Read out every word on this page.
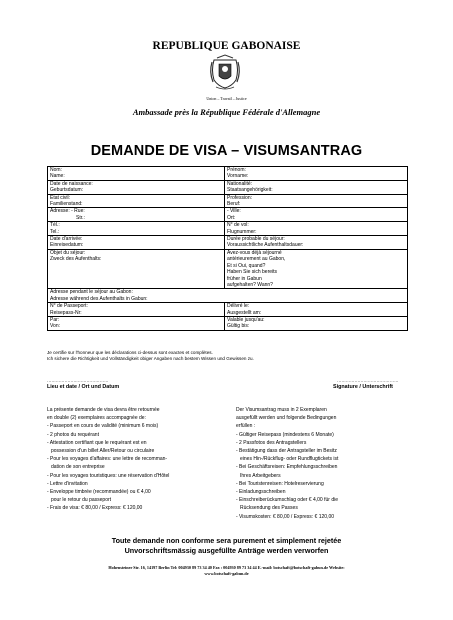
REPUBLIQUE GABONAISE
Union – Travail – Justice
Ambassade près la République Fédérale d'Allemagne
DEMANDE DE VISA – VISUMSANTRAG
Nom:
Name:
Prénom:
Vorname:
Date de naissance:
Geburtsdatum:
Nationalité:
Staatsangehörigkeit:
Etat civil:
Familienstand:
Profession:
Beruf:
Adresse: - Rue:
Str.:
- Ville:
Ort:
Tél.:
Tel.:
N° de vol:
Flugnummer:
Date d'arrivée:
Einreisedatum:
Durée probable du séjour:
Voraussichtliche Aufenthaltsdauer:
Objet du séjour:
Zweck des Aufenthalts:
Avez-vous déjà séjourné
antérieurement au Gabon,
Et si Oui, quand?
Haben Sie sich bereits
früher in Gabun
aufgehalten? Wann?
Adresse pendant le séjour au Gabon:
Adresse während des Aufenthalts in Gabun:
N° de Passeport:
Reisepass-Nr:
Délivré le:
Ausgestellt am:
Par:
Von:
Valable jusqu'au:
Gültig bis:
Je certifie sur l'honneur que les déclarations ci-dessus sont exactes et complètes.
Ich sichere die Richtigkeit und Vollständigkeit obiger Angaben nach bestem Wissen und Gewissen zu.
……………………………………	……………………………………
Lieu et date / Ort und Datum	Signature / Unterschrift
La présente demande de visa devra être retournée
en double (2) exemplaires accompagnée de:
- Passeport en cours de validité (minimum 6 mois)
- 2 photos du requérant
- Attestation certifiant que le requérant est en
possession d'un billet Aller/Retour ou circulaire
- Pour les voyages d'affaires: une lettre de recomman-
dation de son entreprise
- Pour les voyages touristiques: une réservation d'Hôtel
- Lettre d'invitation
- Enveloppe timbrée (recommandée) ou € 4,00
pour le retour du passeport
- Frais de visa: € 80,00 / Express: € 120,00
Der Visumsantrag muss in 2 Exemplaren
ausgefüllt werden und folgende Bedingungen
erfüllen :
- Gültiger Reisepass (mindestens 6 Monate)
- 2 Passfotos des Antragstellers
- Bestätigung dass der Antragsteller im Besitz
eines Hin-/Rückflug- oder Rundflugtickets ist
- Bei Geschäftsreisen: Empfehlungsschreiben
Ihres Arbeitgebers
- Bei Touristenreisen: Hotelreservierung
- Einladungsschreiben
- Einschreiberückumschlag oder € 4,00 für die
Rücksendung des Passes
- Visumskosten: € 80,00 / Express: € 120,00
Toute demande non conforme sera purement et simplement rejetée
Unvorschriftsmässig ausgefüllte Anträge werden verworfen
Hohensteiner Str. 16, 14197 Berlin Tel: 004930 89 73 34 40 Fax : 004930 89 73 34 44 E.-mail: botschaft@botschaft-gabun.de Website:
www.botschaft-gabun.de
